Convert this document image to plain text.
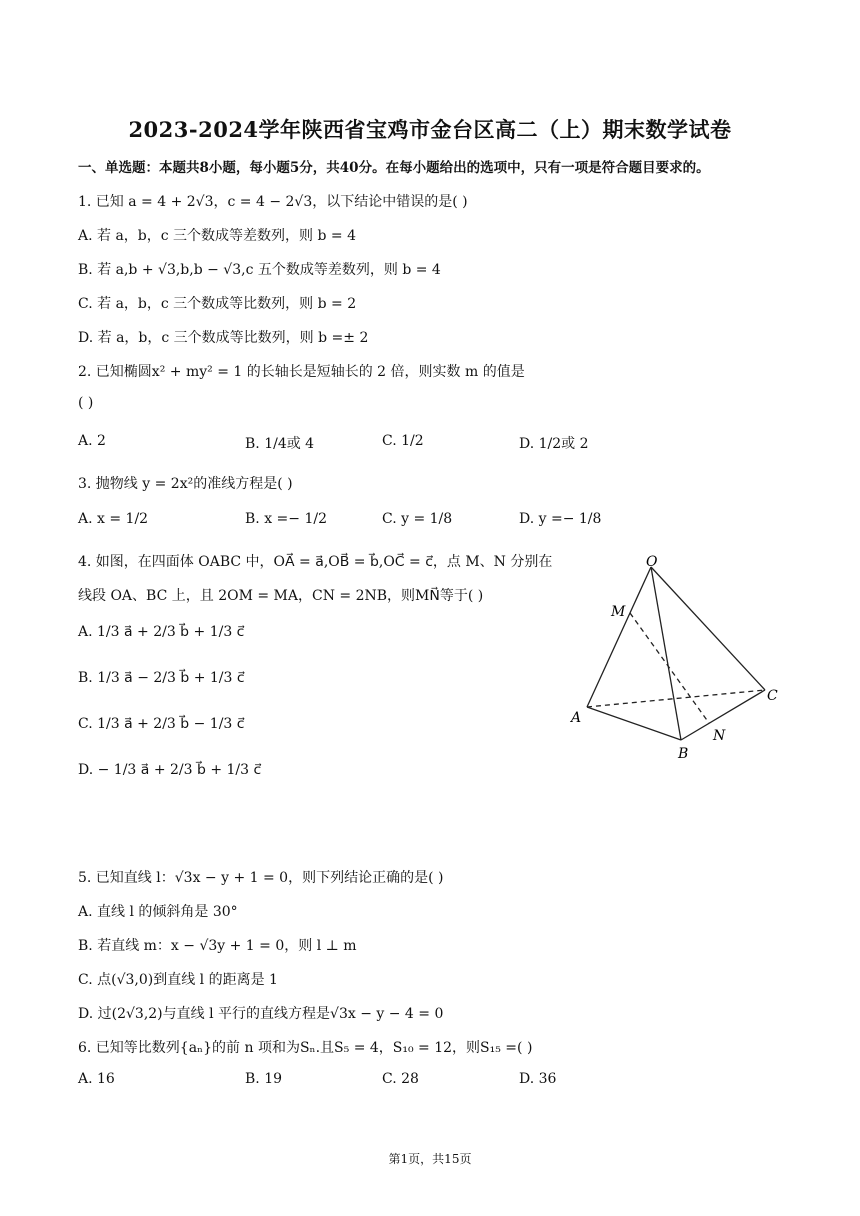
2023-2024学年陕西省宝鸡市金台区高二（上）期末数学试卷
一、单选题：本题共8小题，每小题5分，共40分。在每小题给出的选项中，只有一项是符合题目要求的。
1. 已知 a = 4 + 2√3，c = 4 − 2√3，以下结论中错误的是( )
A. 若 a，b，c 三个数成等差数列，则 b = 4
B. 若 a,b + √3,b,b − √3,c 五个数成等差数列，则 b = 4
C. 若 a，b，c 三个数成等比数列，则 b = 2
D. 若 a，b，c 三个数成等比数列，则 b =± 2
2. 已知椭圆x² + my² = 1 的长轴长是短轴长的 2 倍，则实数 m 的值是
( )
A. 2	B. 1/4或 4	C. 1/2	D. 1/2或 2
3. 抛物线 y = 2x²的准线方程是( )
A. x = 1/2	B. x =− 1/2	C. y = 1/8	D. y =− 1/8
4. 如图，在四面体 OABC 中，OA⃗ = a⃗,OB⃗ = b⃗,OC⃗ = c⃗，点 M、N 分别在
线段 OA、BC 上，且 2OM = MA，CN = 2NB，则MN⃗等于( )
A. 1/3 a⃗ + 2/3 b⃗ + 1/3 c⃗
B. 1/3 a⃗ − 2/3 b⃗ + 1/3 c⃗
C. 1/3 a⃗ + 2/3 b⃗ − 1/3 c⃗
D. − 1/3 a⃗ + 2/3 b⃗ + 1/3 c⃗
O
M
A
B
C
N
5. 已知直线 l：√3x − y + 1 = 0，则下列结论正确的是( )
A. 直线 l 的倾斜角是 30°
B. 若直线 m：x − √3y + 1 = 0，则 l ⊥ m
C. 点(√3,0)到直线 l 的距离是 1
D. 过(2√3,2)与直线 l 平行的直线方程是√3x − y − 4 = 0
6. 已知等比数列{aₙ}的前 n 项和为Sₙ.且S₅ = 4，S₁₀ = 12，则S₁₅ =( )
A. 16	B. 19	C. 28	D. 36
第1页，共15页
